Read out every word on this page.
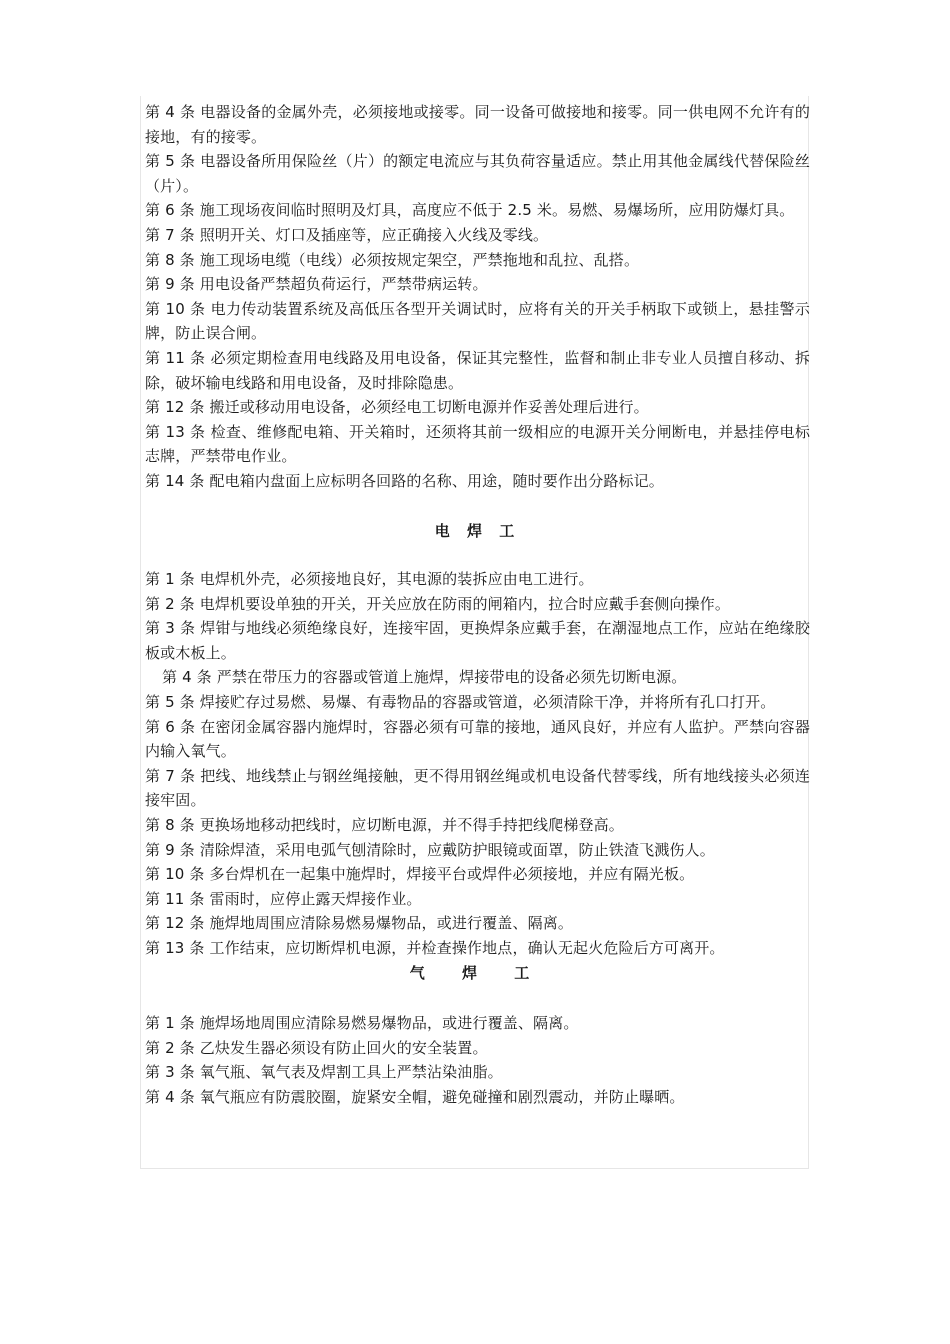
第 4 条 电器设备的金属外壳，必须接地或接零。同一设备可做接地和接零。同一供电网不允许有的接地，有的接零。

第 5 条 电器设备所用保险丝（片）的额定电流应与其负荷容量适应。禁止用其他金属线代替保险丝（片）。

第 6 条 施工现场夜间临时照明及灯具，高度应不低于 2.5 米。易燃、易爆场所，应用防爆灯具。

第 7 条 照明开关、灯口及插座等，应正确接入火线及零线。

第 8 条 施工现场电缆（电线）必须按规定架空，严禁拖地和乱拉、乱搭。

第 9 条 用电设备严禁超负荷运行，严禁带病运转。

第 10 条 电力传动装置系统及高低压各型开关调试时，应将有关的开关手柄取下或锁上，悬挂警示牌，防止误合闸。

第 11 条 必须定期检查用电线路及用电设备，保证其完整性，监督和制止非专业人员擅自移动、拆除，破坏输电线路和用电设备，及时排除隐患。

第 12 条 搬迁或移动用电设备，必须经电工切断电源并作妥善处理后进行。

第 13 条 检查、维修配电箱、开关箱时，还须将其前一级相应的电源开关分闸断电，并悬挂停电标志牌，严禁带电作业。

第 14 条 配电箱内盘面上应标明各回路的名称、用途，随时要作出分路标记。

电 焊 工

第 1 条 电焊机外壳，必须接地良好，其电源的装拆应由电工进行。

第 2 条 电焊机要设单独的开关，开关应放在防雨的闸箱内，拉合时应戴手套侧向操作。

第 3 条 焊钳与地线必须绝缘良好，连接牢固，更换焊条应戴手套，在潮湿地点工作，应站在绝缘胶板或木板上。

第 4 条 严禁在带压力的容器或管道上施焊，焊接带电的设备必须先切断电源。

第 5 条 焊接贮存过易燃、易爆、有毒物品的容器或管道，必须清除干净，并将所有孔口打开。

第 6 条 在密闭金属容器内施焊时，容器必须有可靠的接地，通风良好，并应有人监护。严禁向容器内输入氧气。

第 7 条 把线、地线禁止与钢丝绳接触，更不得用钢丝绳或机电设备代替零线，所有地线接头必须连接牢固。

第 8 条 更换场地移动把线时，应切断电源，并不得手持把线爬梯登高。

第 9 条 清除焊渣，采用电弧气刨清除时，应戴防护眼镜或面罩，防止铁渣飞溅伤人。

第 10 条 多台焊机在一起集中施焊时，焊接平台或焊件必须接地，并应有隔光板。

第 11 条 雷雨时，应停止露天焊接作业。

第 12 条 施焊地周围应清除易燃易爆物品，或进行覆盖、隔离。

第 13 条 工作结束，应切断焊机电源，并检查操作地点，确认无起火危险后方可离开。

气 焊 工

第 1 条 施焊场地周围应清除易燃易爆物品，或进行覆盖、隔离。

第 2 条 乙炔发生器必须设有防止回火的安全装置。

第 3 条 氧气瓶、氧气表及焊割工具上严禁沾染油脂。

第 4 条 氧气瓶应有防震胶圈，旋紧安全帽，避免碰撞和剧烈震动，并防止曝晒。
